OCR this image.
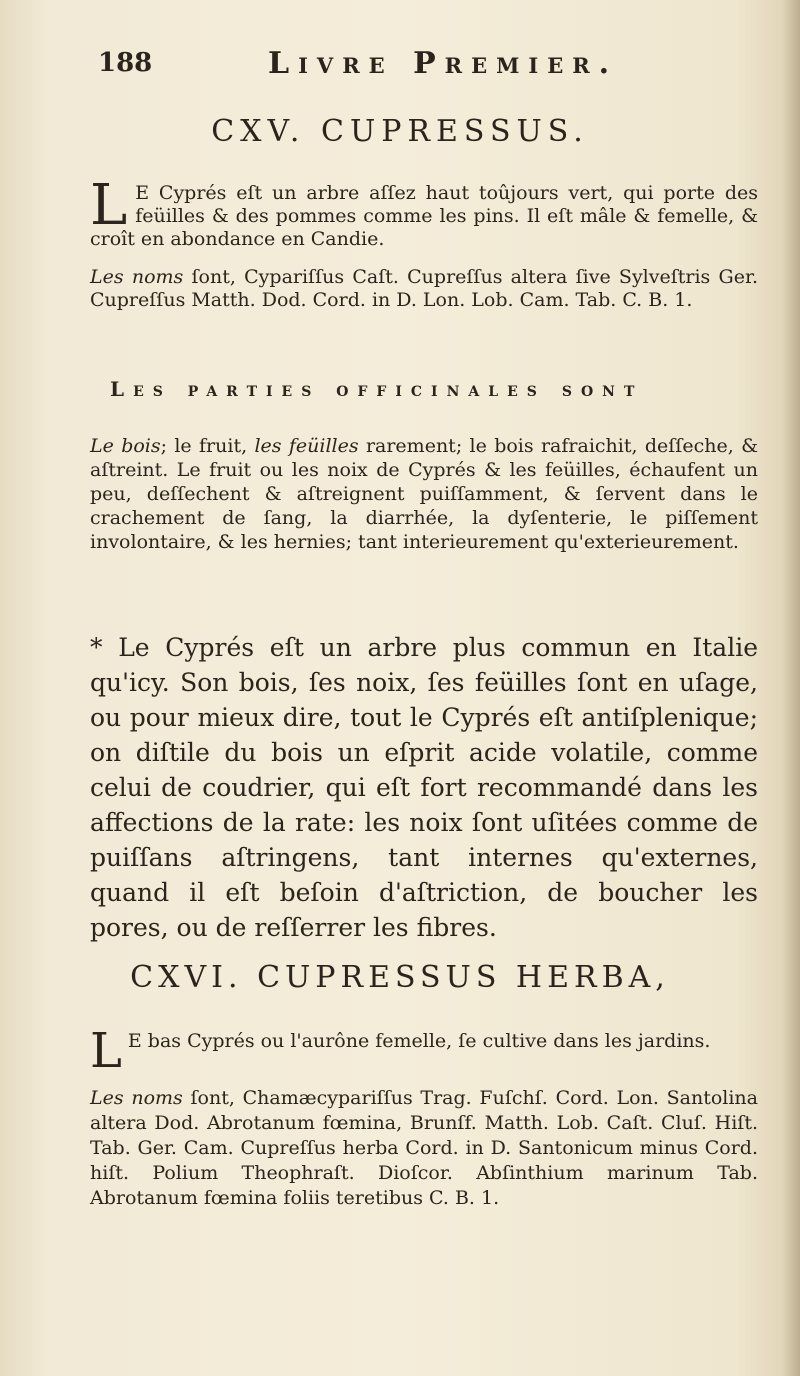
188	Livre Premier.
CXV. CUPRESSUS.
L E Cyprés eſt un arbre aſſez haut toûjours vert, qui porte des feüilles & des pommes comme les pins. Il eſt mâle & femelle, & croît en abondance en Candie.
Les noms ſont, Cypariſſus Caſt. Cupreſſus altera ſive Sylveſtris Ger. Cupreſſus Matth. Dod. Cord. in D. Lon. Lob. Cam. Tab. C. B. 1.
Les parties officinales sont
Le bois; le fruit, les feüilles rarement; le bois rafraichit, deſſeche, & aſtreint. Le fruit ou les noix de Cyprés & les feüilles, échaufent un peu, deſſechent & aſtreignent puiſſamment, & ſervent dans le crachement de ſang, la diarrhée, la dyſenterie, le piſſement involontaire, & les hernies; tant interieurement qu'exterieurement.
* Le Cyprés eſt un arbre plus commun en Italie qu'icy. Son bois, ſes noix, ſes feüilles ſont en uſage, ou pour mieux dire, tout le Cyprés eſt antiſplenique; on diſtile du bois un eſprit acide volatile, comme celui de coudrier, qui eſt fort recommandé dans les affections de la rate: les noix ſont uſitées comme de puiſſans aſtringens, tant internes qu'externes, quand il eſt beſoin d'aſtriction, de boucher les pores, ou de reſſerrer les fibres.
CXVI. CUPRESSUS HERBA,
L E bas Cyprés ou l'aurône femelle, ſe cultive dans les jardins.
Les noms ſont, Chamæcypariſſus Trag. Fuſchſ. Cord. Lon. Santolina altera Dod. Abrotanum fœmina, Brunſf. Matth. Lob. Caſt. Cluſ. Hiſt. Tab. Ger. Cam. Cupreſſus herba Cord. in D. Santonicum minus Cord. hiſt. Polium Theophraſt. Dioſcor. Abſinthium marinum Tab. Abrotanum fœmina foliis teretibus C. B. 1.
